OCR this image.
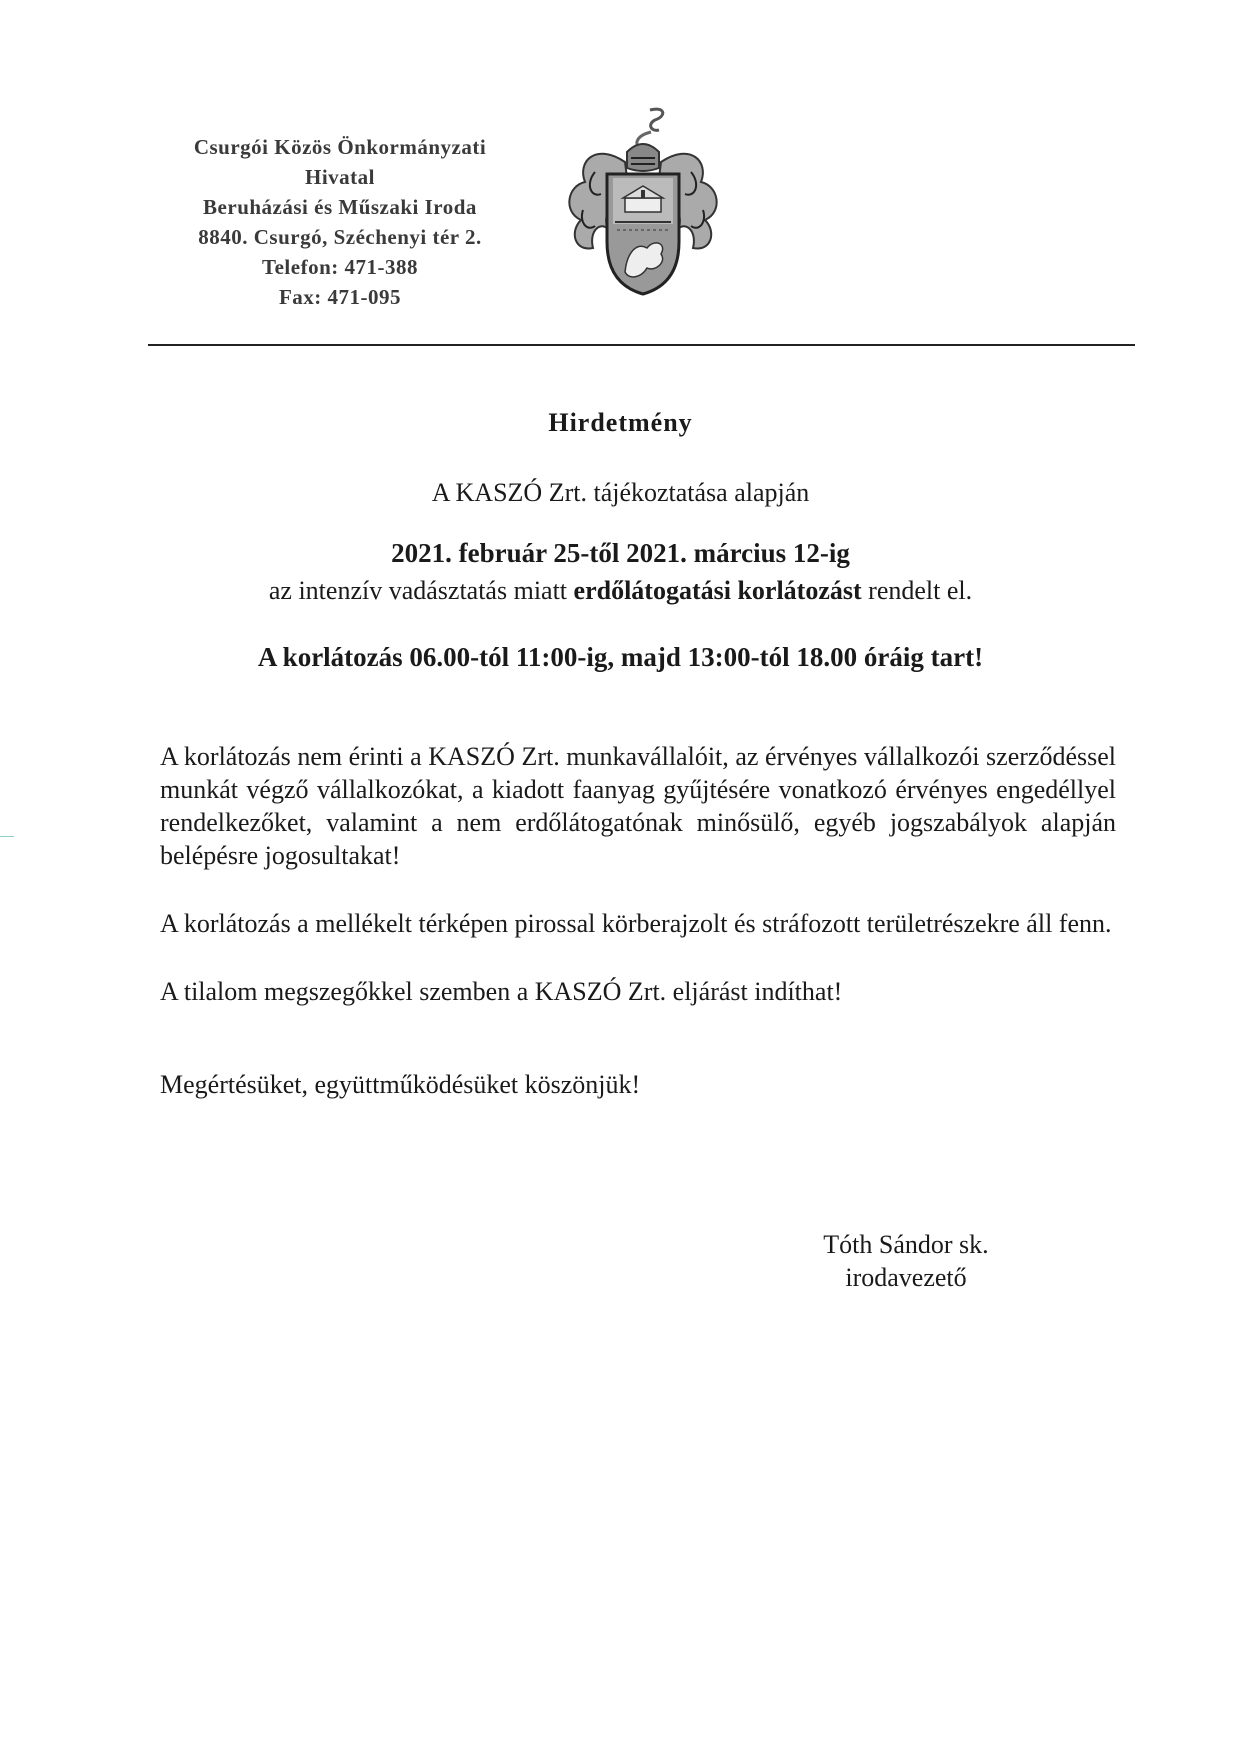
Csurgói Közös Önkormányzati
Hivatal
Beruházási és Műszaki Iroda
8840. Csurgó, Széchenyi tér 2.
Telefon: 471-388
Fax: 471-095
Hirdetmény
A KASZÓ Zrt. tájékoztatása alapján
2021. február 25-től 2021. március 12-ig
az intenzív vadásztatás miatt erdőlátogatási korlátozást rendelt el.
A korlátozás 06.00-tól 11:00-ig, majd 13:00-tól 18.00 óráig tart!
A korlátozás nem érinti a KASZÓ Zrt. munkavállalóit, az érvényes vállalkozói szerződéssel munkát végző vállalkozókat, a kiadott faanyag gyűjtésére vonatkozó érvényes engedéllyel rendelkezőket, valamint a nem erdőlátogatónak minősülő, egyéb jogszabályok alapján belépésre jogosultakat!
A korlátozás a mellékelt térképen pirossal körberajzolt és stráfozott területrészekre áll fenn.
A tilalom megszegőkkel szemben a KASZÓ Zrt. eljárást indíthat!
Megértésüket, együttműködésüket köszönjük!
Tóth Sándor sk.
irodavezető
